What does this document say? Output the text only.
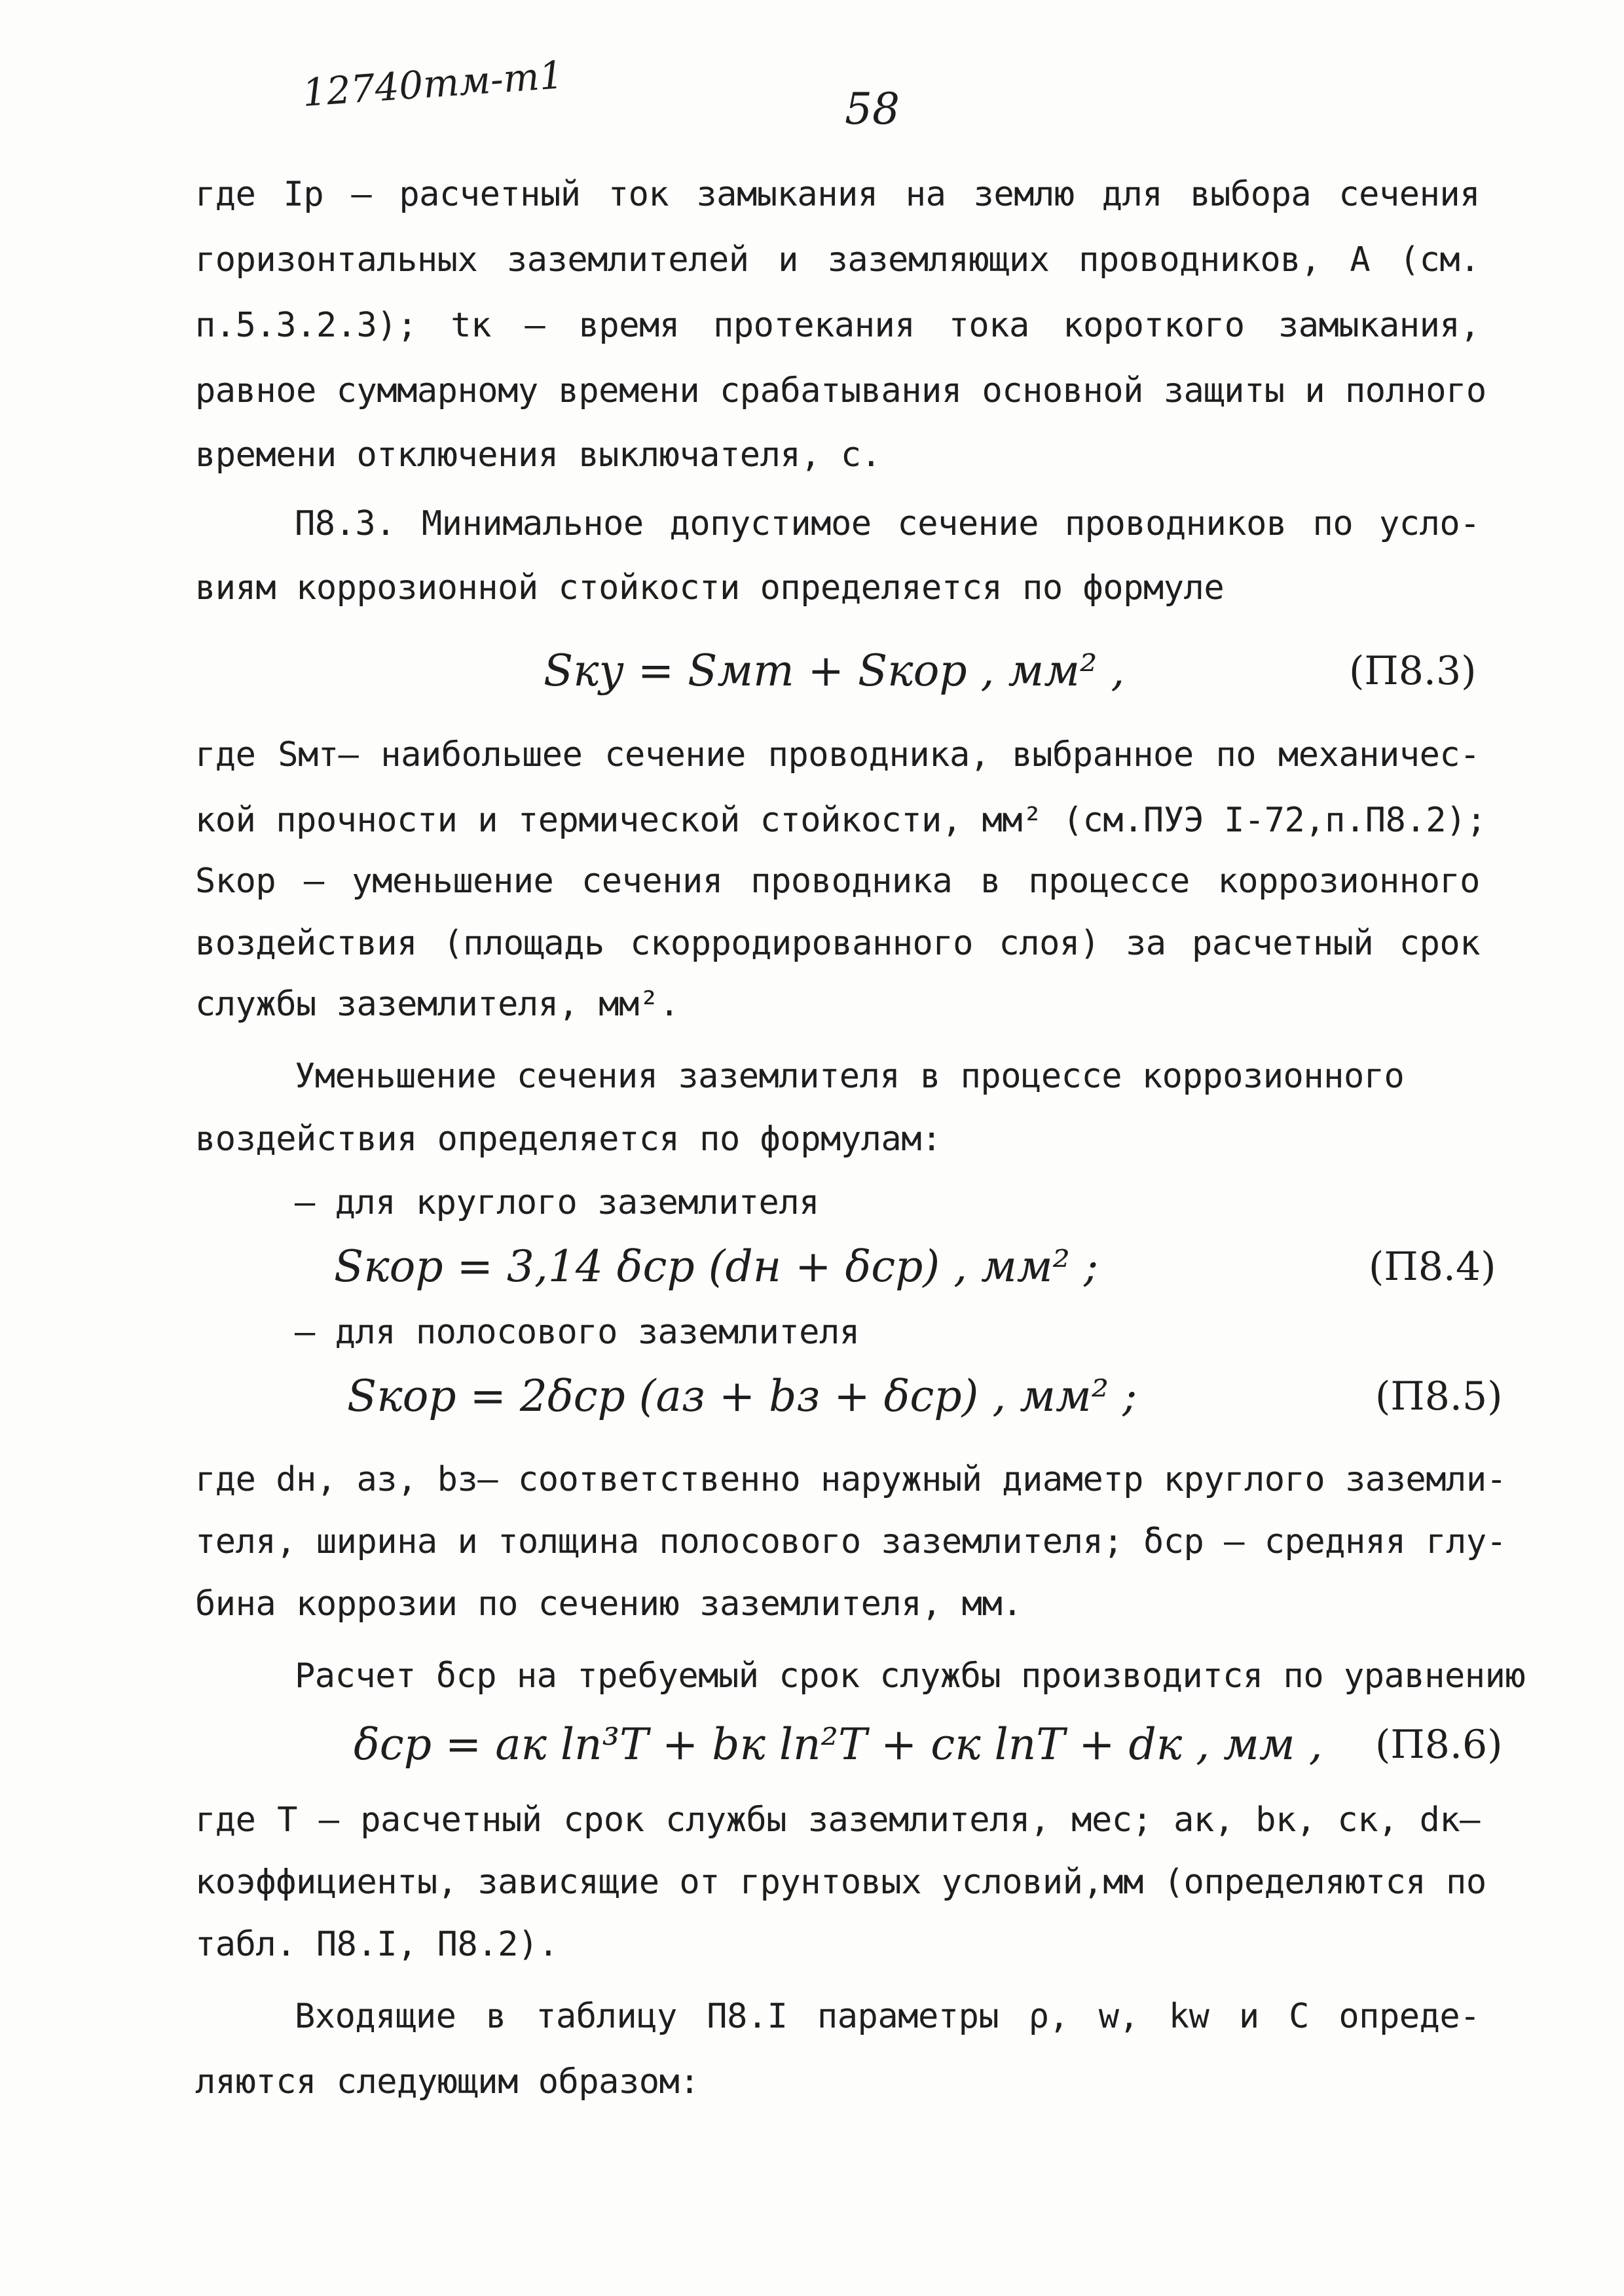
12740тм-т1	58
где Iр – расчетный ток замыкания на землю для выбора сечения
горизонтальных заземлителей и заземляющих проводников, А (см.
п.5.3.2.3); tк – время протекания тока короткого замыкания,
равное суммарному времени срабатывания основной защиты и полного
времени отключения выключателя, с.
П8.3. Минимальное допустимое сечение проводников по усло-
виям коррозионной стойкости определяется по формуле
Sку = Sмт + Sкор , мм² ,	(П8.3)
где Sмт– наибольшее сечение проводника, выбранное по механичес-
кой прочности и термической стойкости, мм² (см.ПУЭ I-72,п.П8.2);
Sкор – уменьшение сечения проводника в процессе коррозионного
воздействия (площадь скорродированного слоя) за расчетный срок
службы заземлителя, мм².
Уменьшение сечения заземлителя в процессе коррозионного
воздействия определяется по формулам:
– для круглого заземлителя
Sкор = 3,14 δср (dн + δср) , мм² ;	(П8.4)
– для полосового заземлителя
Sкор = 2δср (aз + bз + δср) , мм² ;	(П8.5)
где dн, aз, bз– соответственно наружный диаметр круглого заземли-
теля, ширина и толщина полосового заземлителя; δср – средняя глу-
бина коррозии по сечению заземлителя, мм.
Расчет δср на требуемый срок службы производится по уравнению
δср = aк ln³T + bк ln²T + cк lnT + dк , мм , (П8.6)
где T – расчетный срок службы заземлителя, мес; aк, bк, cк, dк–
коэффициенты, зависящие от грунтовых условий,мм (определяются по
табл. П8.I, П8.2).
Входящие в таблицу П8.I параметры ρ, w, kw и C опреде-
ляются следующим образом:
